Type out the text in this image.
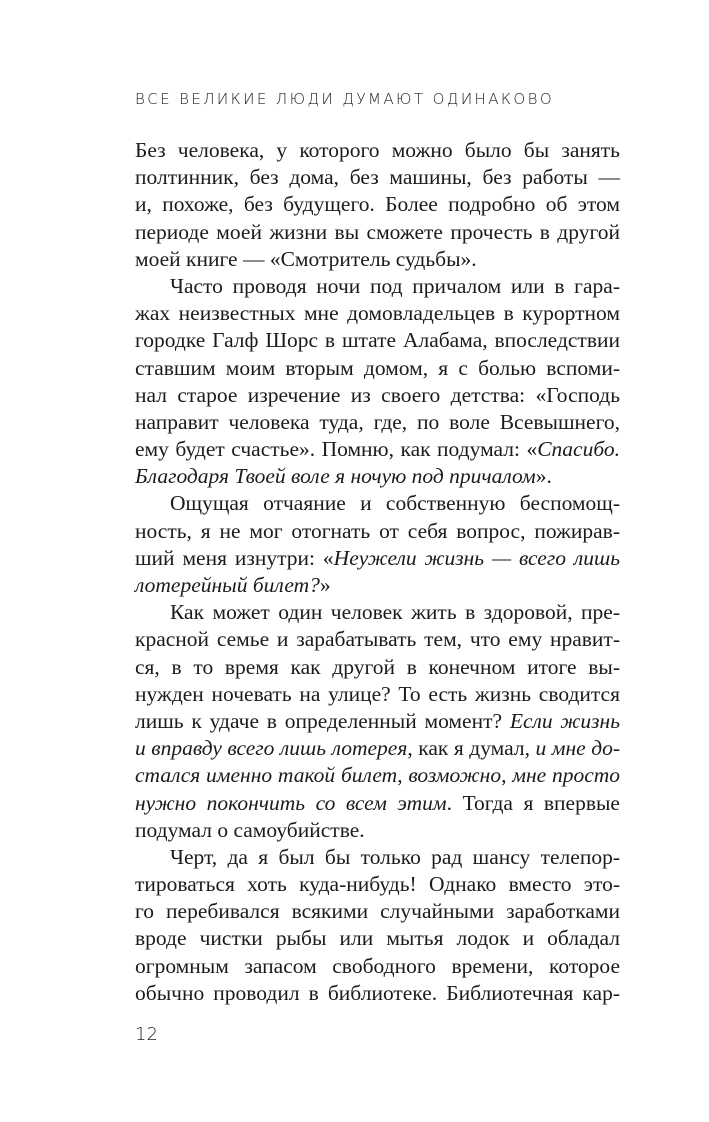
ВСЕ ВЕЛИКИЕ ЛЮДИ ДУМАЮТ ОДИНАКОВО
Без человека, у которого можно было бы занять
полтинник, без дома, без машины, без работы —
и, похоже, без будущего. Более подробно об этом
периоде моей жизни вы сможете прочесть в другой
моей книге — «Смотритель судьбы».
Часто проводя ночи под причалом или в гара-
жах неизвестных мне домовладельцев в курортном
городке Галф Шорс в штате Алабама, впоследствии
ставшим моим вторым домом, я с болью вспоми-
нал старое изречение из своего детства: «Господь
направит человека туда, где, по воле Всевышнего,
ему будет счастье». Помню, как подумал: «Спасибо.
Благодаря Твоей воле я ночую под причалом».
Ощущая отчаяние и собственную беспомощ-
ность, я не мог отогнать от себя вопрос, пожирав-
ший меня изнутри: «Неужели жизнь — всего лишь
лотерейный билет?»
Как может один человек жить в здоровой, пре-
красной семье и зарабатывать тем, что ему нравит-
ся, в то время как другой в конечном итоге вы-
нужден ночевать на улице? То есть жизнь сводится
лишь к удаче в определенный момент? Если жизнь
и вправду всего лишь лотерея, как я думал, и мне до-
стался именно такой билет, возможно, мне просто
нужно покончить со всем этим. Тогда я впервые
подумал о самоубийстве.
Черт, да я был бы только рад шансу телепор-
тироваться хоть куда-нибудь! Однако вместо это-
го перебивался всякими случайными заработками
вроде чистки рыбы или мытья лодок и обладал
огромным запасом свободного времени, которое
обычно проводил в библиотеке. Библиотечная кар-
12
